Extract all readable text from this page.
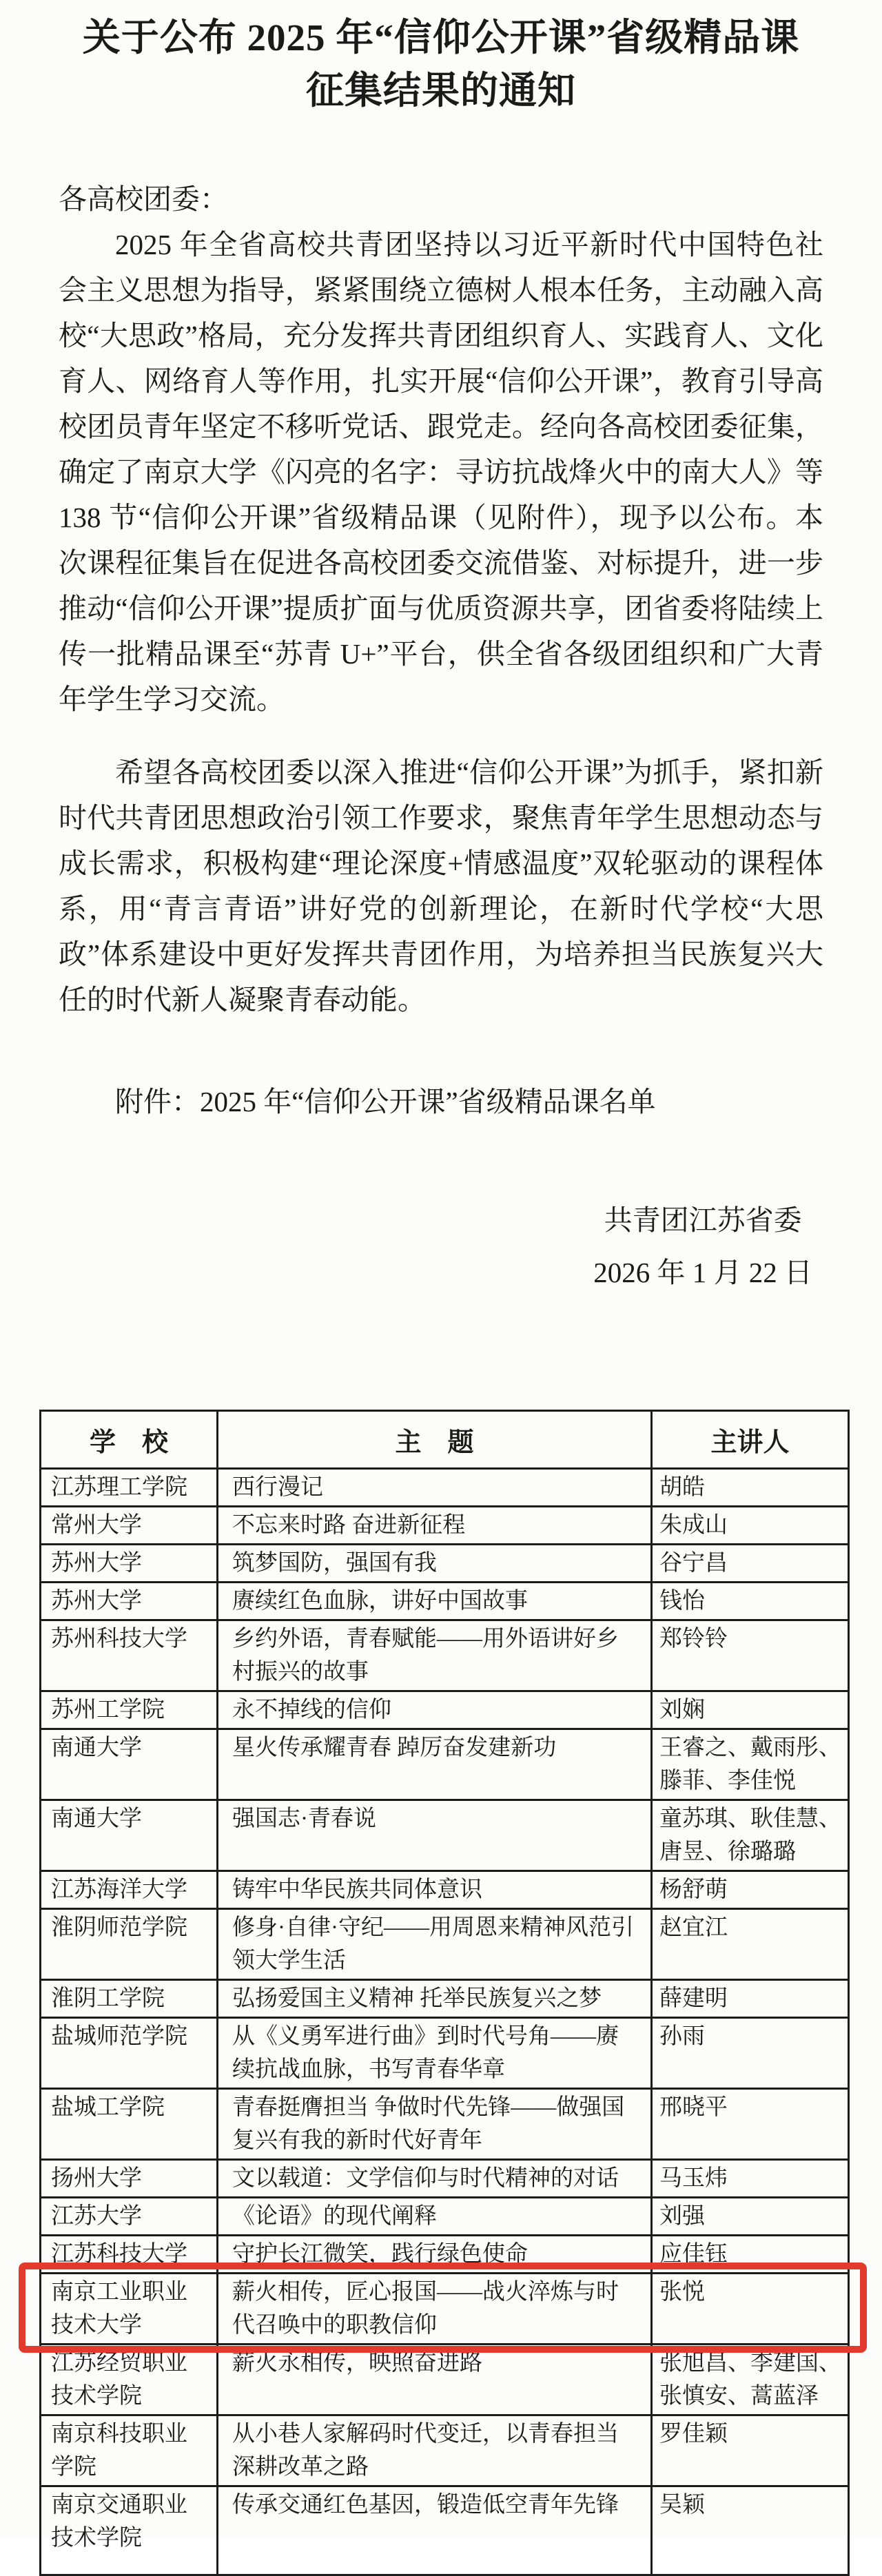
关于公布 2025 年“信仰公开课”省级精品课
征集结果的通知
各高校团委：

2025 年全省高校共青团坚持以习近平新时代中国特色社会主义思想为指导，紧紧围绕立德树人根本任务，主动融入高校“大思政”格局，充分发挥共青团组织育人、实践育人、文化育人、网络育人等作用，扎实开展“信仰公开课”，教育引导高校团员青年坚定不移听党话、跟党走。经向各高校团委征集，确定了南京大学《闪亮的名字：寻访抗战烽火中的南大人》等 138 节“信仰公开课”省级精品课（见附件），现予以公布。本次课程征集旨在促进各高校团委交流借鉴、对标提升，进一步推动“信仰公开课”提质扩面与优质资源共享，团省委将陆续上传一批精品课至“苏青 U+”平台，供全省各级团组织和广大青年学生学习交流。

希望各高校团委以深入推进“信仰公开课”为抓手，紧扣新时代共青团思想政治引领工作要求，聚焦青年学生思想动态与成长需求，积极构建“理论深度+情感温度”双轮驱动的课程体系，用“青言青语”讲好党的创新理论，在新时代学校“大思政”体系建设中更好发挥共青团作用，为培养担当民族复兴大任的时代新人凝聚青春动能。

附件：2025 年“信仰公开课”省级精品课名单
共青团江苏省委
2026 年 1 月 22 日
学　校	主　题	主讲人
江苏理工学院	西行漫记	胡皓
常州大学	不忘来时路 奋进新征程	朱成山
苏州大学	筑梦国防，强国有我	谷宁昌
苏州大学	赓续红色血脉，讲好中国故事	钱怡
苏州科技大学	乡约外语，青春赋能——用外语讲好乡村振兴的故事	郑铃铃
苏州工学院	永不掉线的信仰	刘娴
南通大学	星火传承耀青春 踔厉奋发建新功	王睿之、戴雨彤、滕菲、李佳悦
南通大学	强国志·青春说	童苏琪、耿佳慧、唐昱、徐璐璐
江苏海洋大学	铸牢中华民族共同体意识	杨舒萌
淮阴师范学院	修身·自律·守纪——用周恩来精神风范引领大学生活	赵宜江
淮阴工学院	弘扬爱国主义精神 托举民族复兴之梦	薛建明
盐城师范学院	从《义勇军进行曲》到时代号角——赓续抗战血脉，书写青春华章	孙雨
盐城工学院	青春挺膺担当 争做时代先锋——做强国复兴有我的新时代好青年	邢晓平
扬州大学	文以载道：文学信仰与时代精神的对话	马玉炜
江苏大学	《论语》的现代阐释	刘强
江苏科技大学	守护长江微笑，践行绿色使命	应佳钰
南京工业职业技术大学	薪火相传，匠心报国——战火淬炼与时代召唤中的职教信仰	张悦
江苏经贸职业技术学院	薪火永相传，映照奋进路	张旭昌、李建国、张慎安、蒿蓝泽
南京科技职业学院	从小巷人家解码时代变迁，以青春担当深耕改革之路	罗佳颖
南京交通职业技术学院	传承交通红色基因，锻造低空青年先锋	吴颖
